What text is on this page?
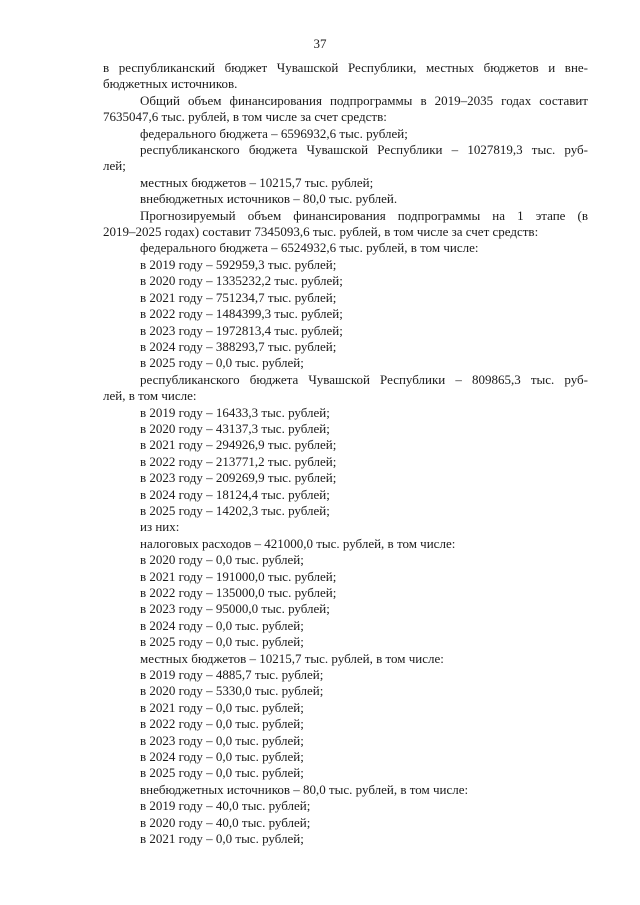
37

в республиканский бюджет Чувашской Республики, местных бюджетов и вне-

бюджетных источников.

Общий объем финансирования подпрограммы в 2019–2035 годах составит

7635047,6 тыс. рублей, в том числе за счет средств:

федерального бюджета – 6596932,6 тыс. рублей;

республиканского бюджета Чувашской Республики – 1027819,3 тыс. руб-

лей;

местных бюджетов – 10215,7 тыс. рублей;

внебюджетных источников – 80,0 тыс. рублей.

Прогнозируемый объем финансирования подпрограммы на 1 этапе (в

2019–2025 годах) составит 7345093,6 тыс. рублей, в том числе за счет средств:

федерального бюджета – 6524932,6 тыс. рублей, в том числе:

в 2019 году – 592959,3 тыс. рублей;

в 2020 году – 1335232,2 тыс. рублей;

в 2021 году – 751234,7 тыс. рублей;

в 2022 году – 1484399,3 тыс. рублей;

в 2023 году – 1972813,4 тыс. рублей;

в 2024 году – 388293,7 тыс. рублей;

в 2025 году – 0,0 тыс. рублей;

республиканского бюджета Чувашской Республики – 809865,3 тыс. руб-

лей, в том числе:

в 2019 году – 16433,3 тыс. рублей;

в 2020 году – 43137,3 тыс. рублей;

в 2021 году – 294926,9 тыс. рублей;

в 2022 году – 213771,2 тыс. рублей;

в 2023 году – 209269,9 тыс. рублей;

в 2024 году – 18124,4 тыс. рублей;

в 2025 году – 14202,3 тыс. рублей;

из них:

налоговых расходов – 421000,0 тыс. рублей, в том числе:

в 2020 году – 0,0 тыс. рублей;

в 2021 году – 191000,0 тыс. рублей;

в 2022 году – 135000,0 тыс. рублей;

в 2023 году – 95000,0 тыс. рублей;

в 2024 году – 0,0 тыс. рублей;

в 2025 году – 0,0 тыс. рублей;

местных бюджетов – 10215,7 тыс. рублей, в том числе:

в 2019 году – 4885,7 тыс. рублей;

в 2020 году – 5330,0 тыс. рублей;

в 2021 году – 0,0 тыс. рублей;

в 2022 году – 0,0 тыс. рублей;

в 2023 году – 0,0 тыс. рублей;

в 2024 году – 0,0 тыс. рублей;

в 2025 году – 0,0 тыс. рублей;

внебюджетных источников – 80,0 тыс. рублей, в том числе:

в 2019 году – 40,0 тыс. рублей;

в 2020 году – 40,0 тыс. рублей;

в 2021 году – 0,0 тыс. рублей;
